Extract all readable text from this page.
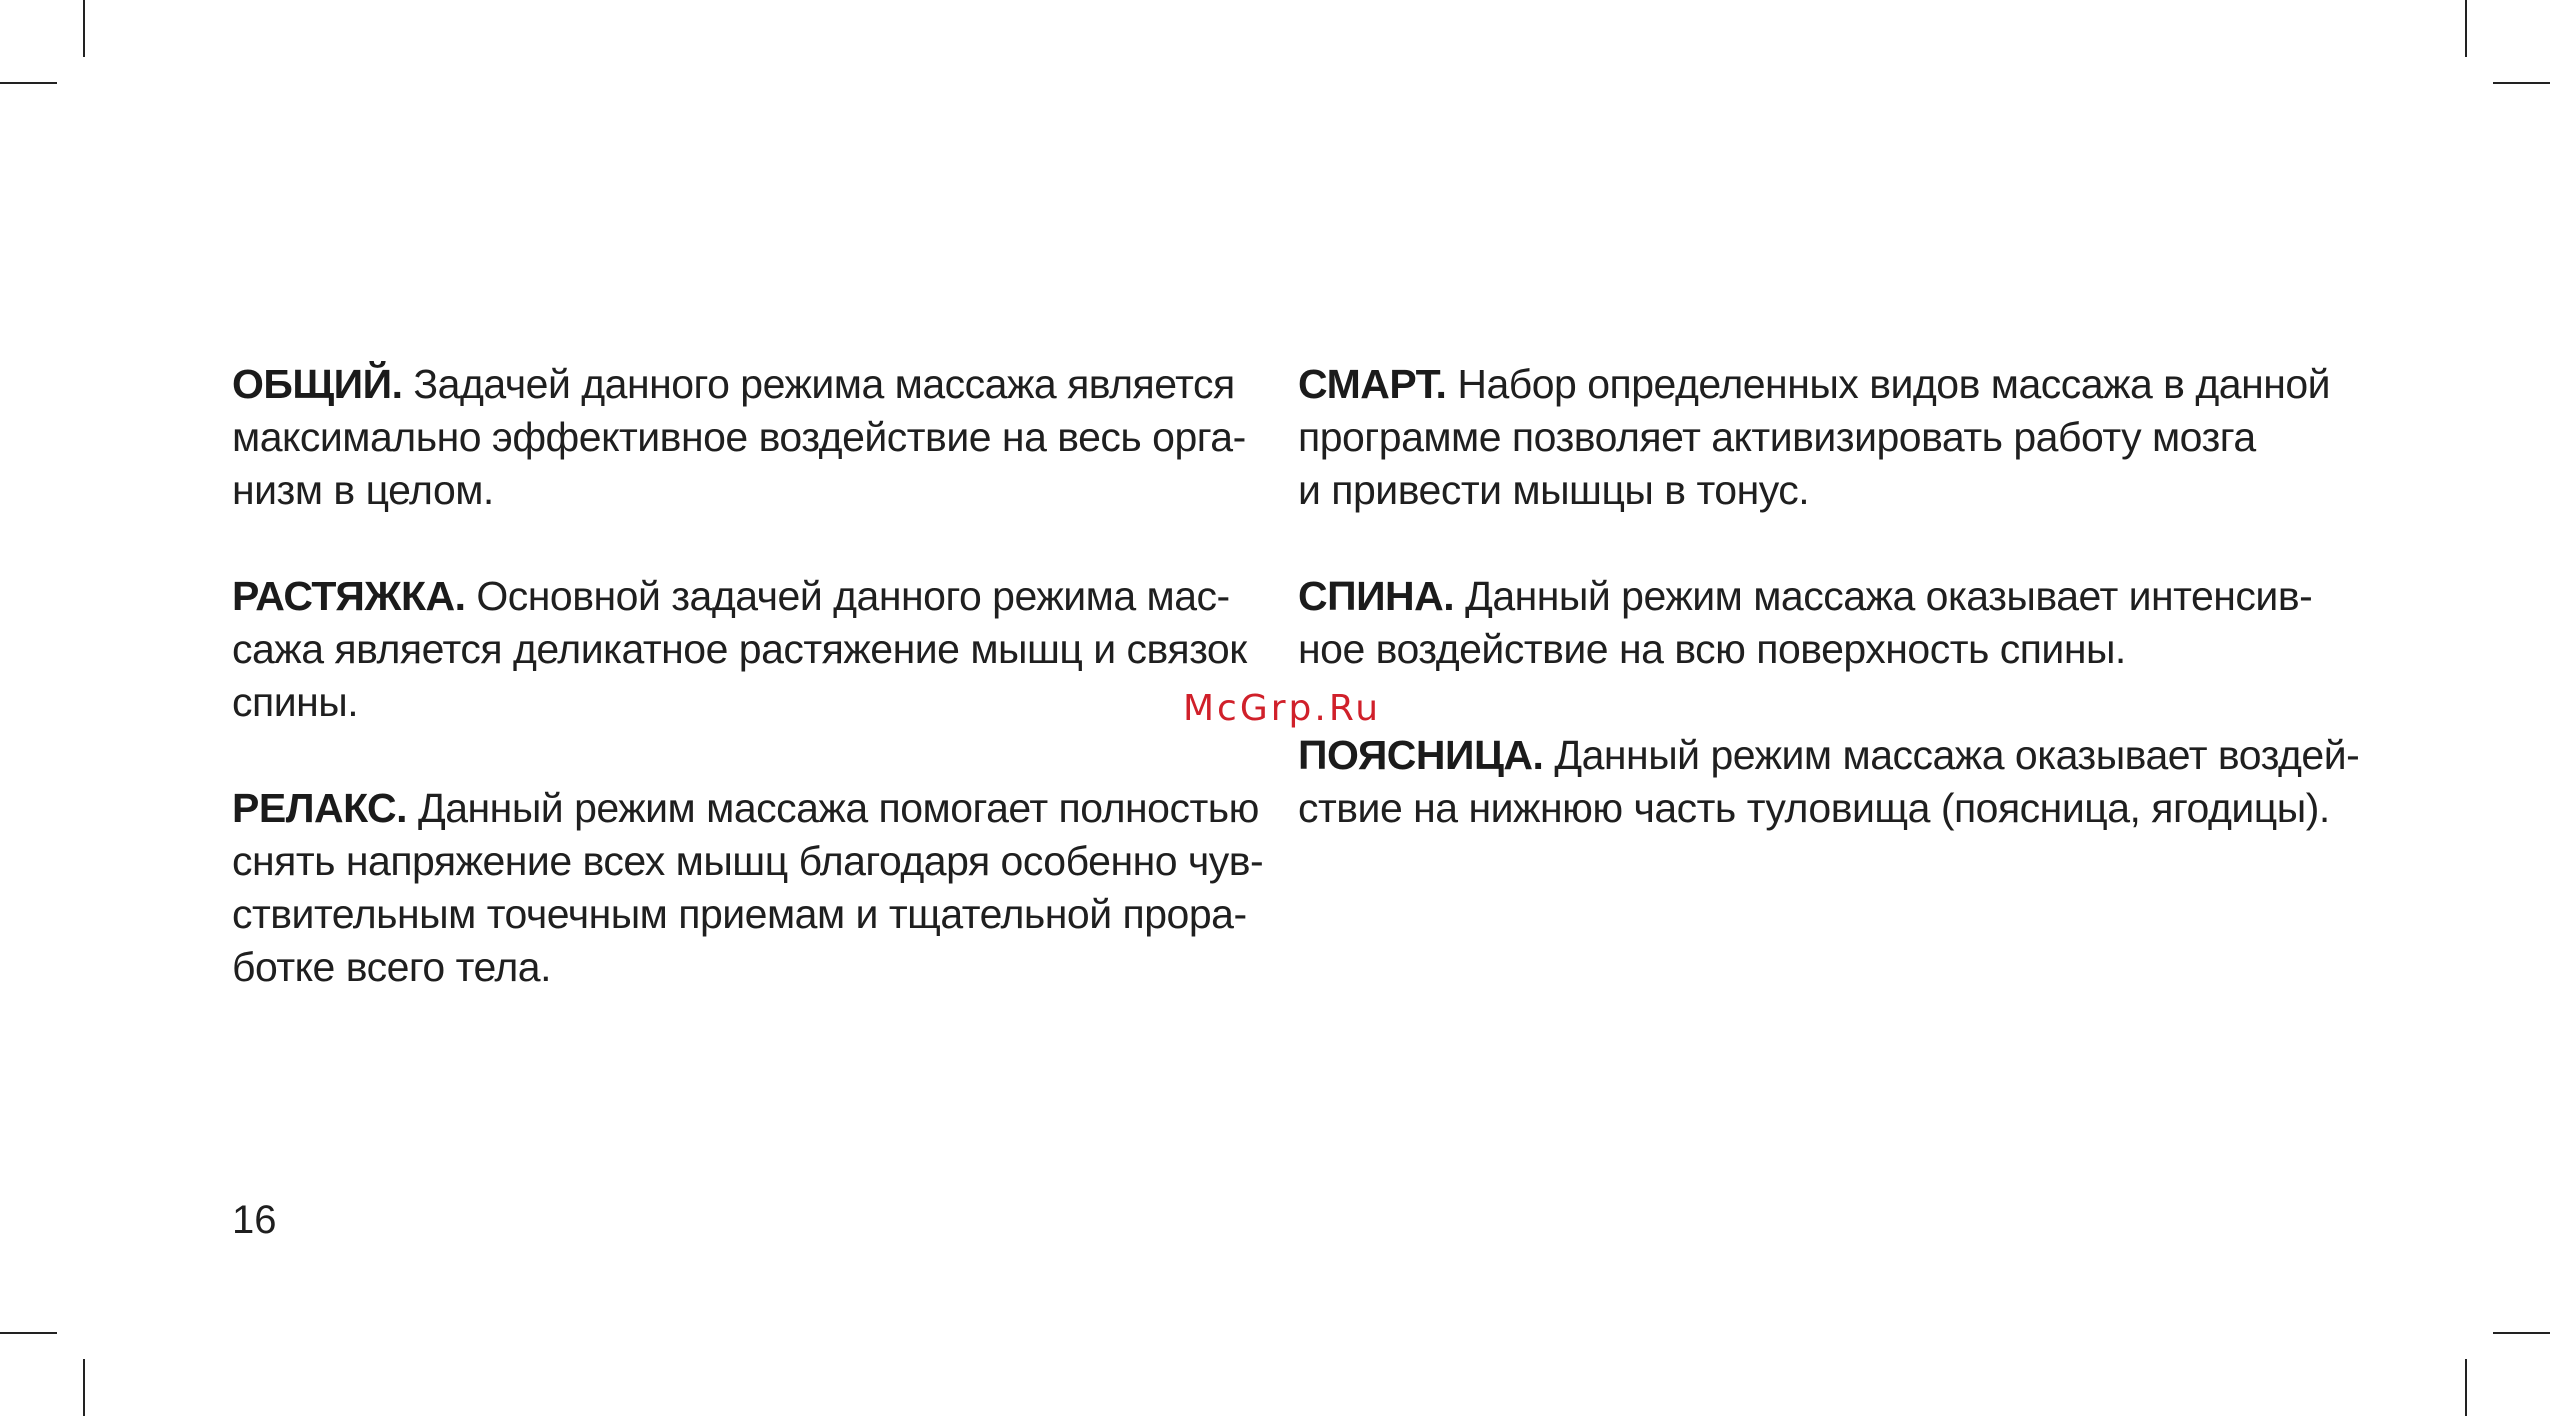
ОБЩИЙ. Задачей данного режима массажа является
максимально эффективное воздействие на весь орга-
низм в целом.

РАСТЯЖКА. Основной задачей данного режима мас-
сажа является деликатное растяжение мышц и связок
спины.

РЕЛАКС. Данный режим массажа помогает полностью
снять напряжение всех мышц благодаря особенно чув-
ствительным точечным приемам и тщательной прора-
ботке всего тела.

СМАРТ. Набор определенных видов массажа в данной
программе позволяет активизировать работу мозга
и привести мышцы в тонус.

СПИНА. Данный режим массажа оказывает интенсив-
ное воздействие на всю поверхность спины.

ПОЯСНИЦА. Данный режим массажа оказывает воздей-
ствие на нижнюю часть туловища (поясница, ягодицы).

McGrp.Ru
16
